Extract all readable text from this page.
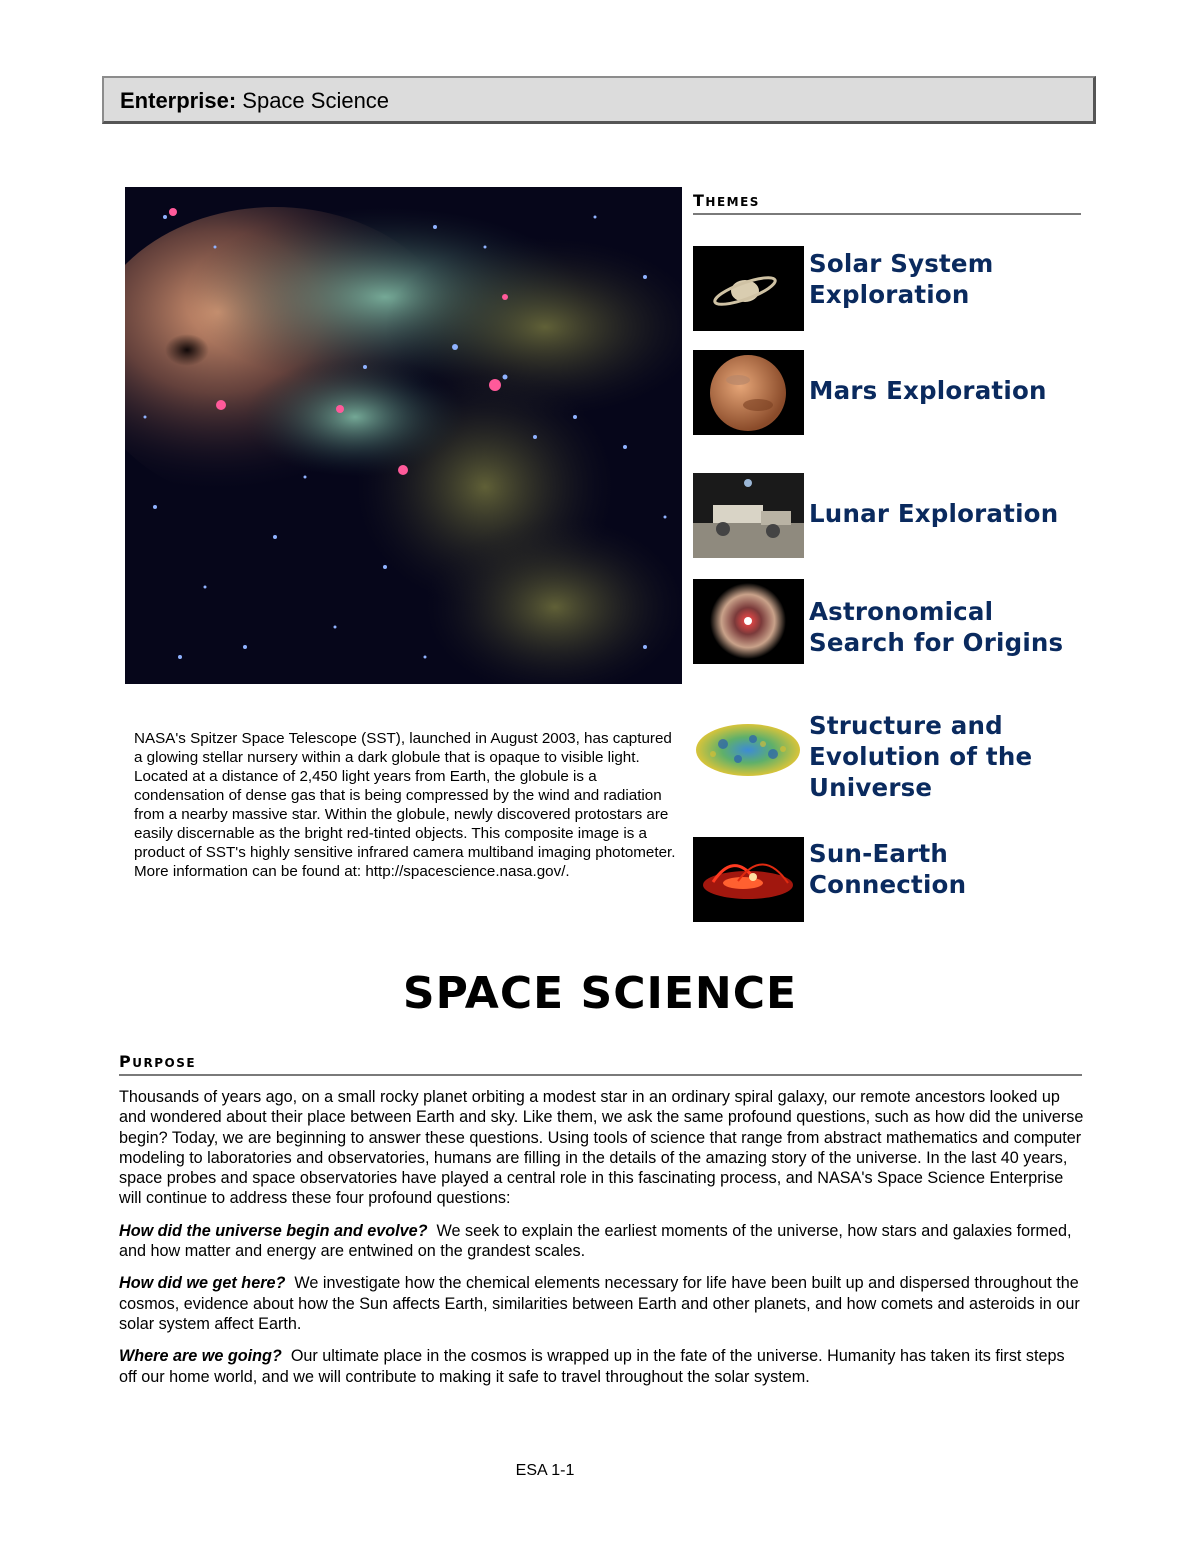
Enterprise: Space Science
NASA's Spitzer Space Telescope (SST), launched in August 2003, has captured a glowing stellar nursery within a dark globule that is opaque to visible light. Located at a distance of 2,450 light years from Earth, the globule is a condensation of dense gas that is being compressed by the wind and radiation from a nearby massive star. Within the globule, newly discovered protostars are easily discernable as the bright red-tinted objects. This composite image is a product of SST's highly sensitive infrared camera multiband imaging photometer. More information can be found at: http://spacescience.nasa.gov/.
THEMES
Solar System Exploration
Mars Exploration
Lunar Exploration
Astronomical Search for Origins
Structure and Evolution of the Universe
Sun-Earth Connection
SPACE SCIENCE
PURPOSE

Thousands of years ago, on a small rocky planet orbiting a modest star in an ordinary spiral galaxy, our remote ancestors looked up and wondered about their place between Earth and sky. Like them, we ask the same profound questions, such as how did the universe begin? Today, we are beginning to answer these questions. Using tools of science that range from abstract mathematics and computer modeling to laboratories and observatories, humans are filling in the details of the amazing story of the universe. In the last 40 years, space probes and space observatories have played a central role in this fascinating process, and NASA's Space Science Enterprise will continue to address these four profound questions:

How did the universe begin and evolve? We seek to explain the earliest moments of the universe, how stars and galaxies formed, and how matter and energy are entwined on the grandest scales.

How did we get here? We investigate how the chemical elements necessary for life have been built up and dispersed throughout the cosmos, evidence about how the Sun affects Earth, similarities between Earth and other planets, and how comets and asteroids in our solar system affect Earth.

Where are we going? Our ultimate place in the cosmos is wrapped up in the fate of the universe. Humanity has taken its first steps off our home world, and we will contribute to making it safe to travel throughout the solar system.

ESA 1-1
